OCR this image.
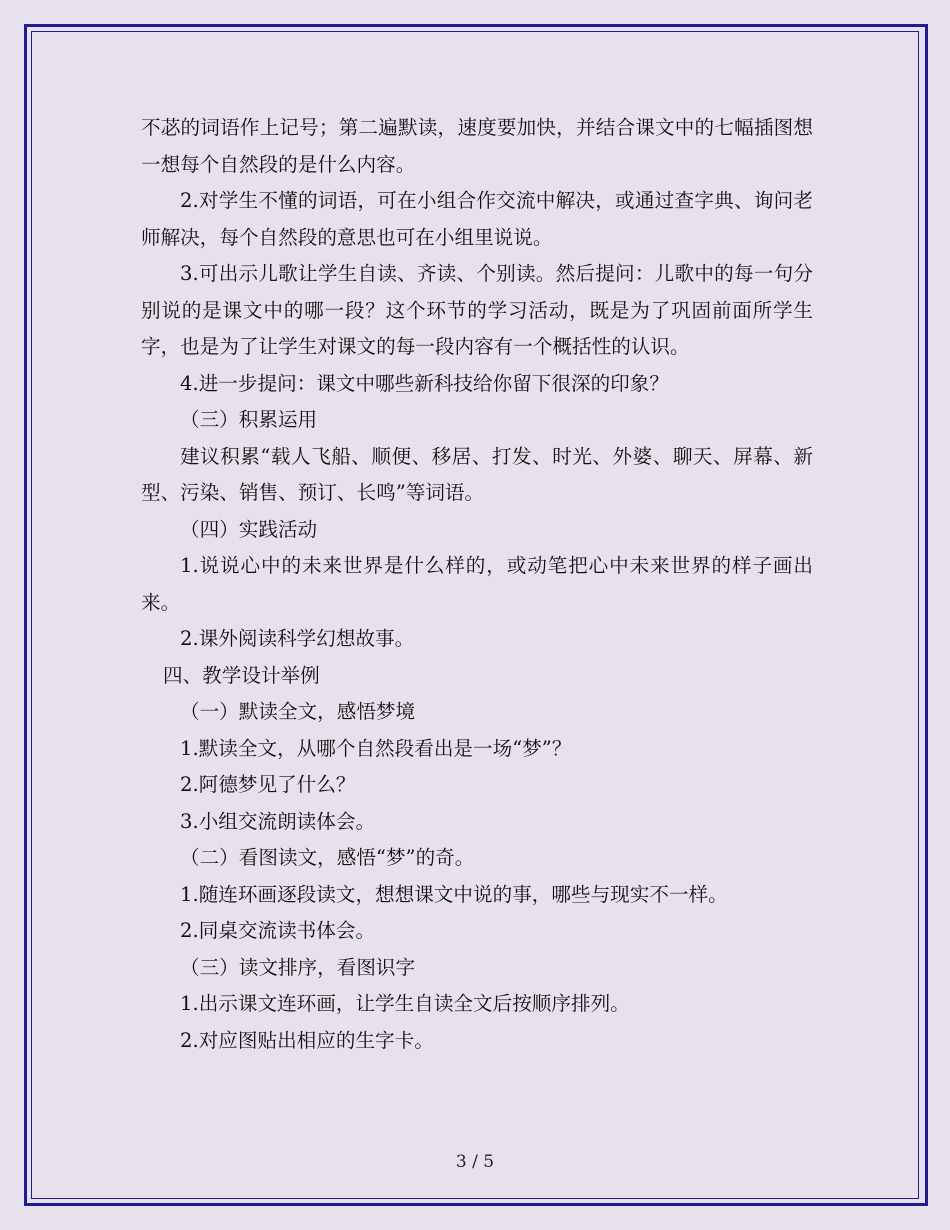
不苾的词语作上记号；第二遍默读，速度要加快，并结合课文中的七幅插图想一想每个自然段的是什么内容。

2.对学生不懂的词语，可在小组合作交流中解决，或通过查字典、询问老师解决，每个自然段的意思也可在小组里说说。

3.可出示儿歌让学生自读、齐读、个别读。然后提问：儿歌中的每一句分别说的是课文中的哪一段？这个环节的学习活动，既是为了巩固前面所学生字，也是为了让学生对课文的每一段内容有一个概括性的认识。

4.进一步提问：课文中哪些新科技给你留下很深的印象？

（三）积累运用

建议积累“载人飞船、顺便、移居、打发、时光、外婆、聊天、屏幕、新型、污染、销售、预订、长鸣”等词语。

（四）实践活动

1.说说心中的未来世界是什么样的，或动笔把心中未来世界的样子画出来。

2.课外阅读科学幻想故事。

四、教学设计举例

（一）默读全文，感悟梦境

1.默读全文，从哪个自然段看出是一场“梦”？

2.阿德梦见了什么？

3.小组交流朗读体会。

（二）看图读文，感悟“梦”的奇。

1.随连环画逐段读文，想想课文中说的事，哪些与现实不一样。

2.同桌交流读书体会。

（三）读文排序，看图识字

1.出示课文连环画，让学生自读全文后按顺序排列。

2.对应图贴出相应的生字卡。

3 / 5
